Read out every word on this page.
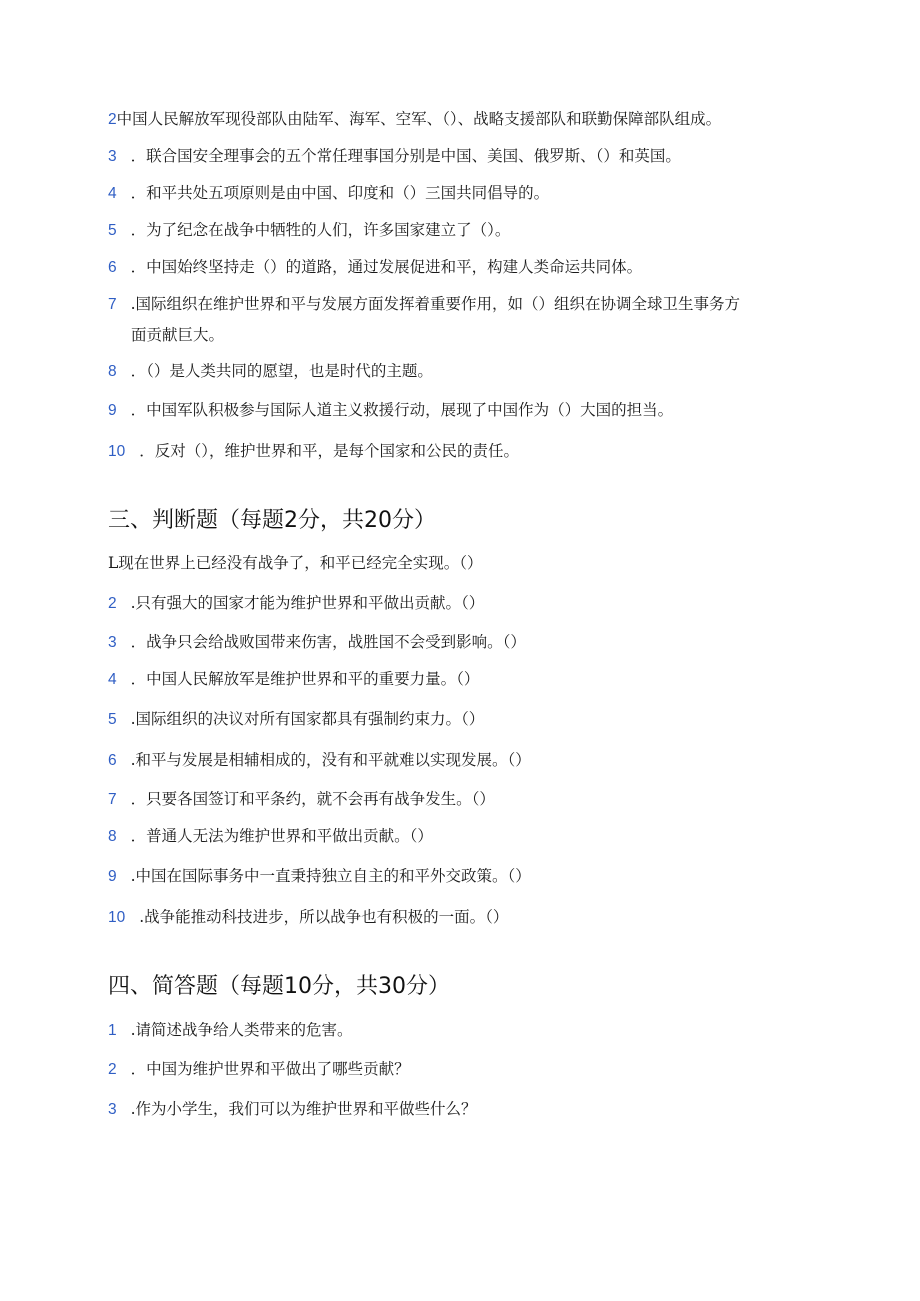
2中国人民解放军现役部队由陆军、海军、空军、（）、战略支援部队和联勤保障部队组成。
3 ．联合国安全理事会的五个常任理事国分别是中国、美国、俄罗斯、（）和英国。
4 ．和平共处五项原则是由中国、印度和（）三国共同倡导的。
5 ．为了纪念在战争中牺牲的人们，许多国家建立了（）。
6 ．中国始终坚持走（）的道路，通过发展促进和平，构建人类命运共同体。
7 .国际组织在维护世界和平与发展方面发挥着重要作用，如（）组织在协调全球卫生事务方
面贡献巨大。
8 ．（）是人类共同的愿望，也是时代的主题。
9 ．中国军队积极参与国际人道主义救援行动，展现了中国作为（）大国的担当。
10 ．反对（），维护世界和平，是每个国家和公民的责任。
三、判断题（每题2分，共20分）
L现在世界上已经没有战争了，和平已经完全实现。（）
2 .只有强大的国家才能为维护世界和平做出贡献。（）
3 ．战争只会给战败国带来伤害，战胜国不会受到影响。（）
4 ．中国人民解放军是维护世界和平的重要力量。（）
5 .国际组织的决议对所有国家都具有强制约束力。（）
6 .和平与发展是相辅相成的，没有和平就难以实现发展。（）
7 ．只要各国签订和平条约，就不会再有战争发生。（）
8 ．普通人无法为维护世界和平做出贡献。（）
9 .中国在国际事务中一直秉持独立自主的和平外交政策。（）
10 .战争能推动科技进步，所以战争也有积极的一面。（）
四、简答题（每题10分，共30分）
1 .请简述战争给人类带来的危害。
2 ．中国为维护世界和平做出了哪些贡献？
3 .作为小学生，我们可以为维护世界和平做些什么？
